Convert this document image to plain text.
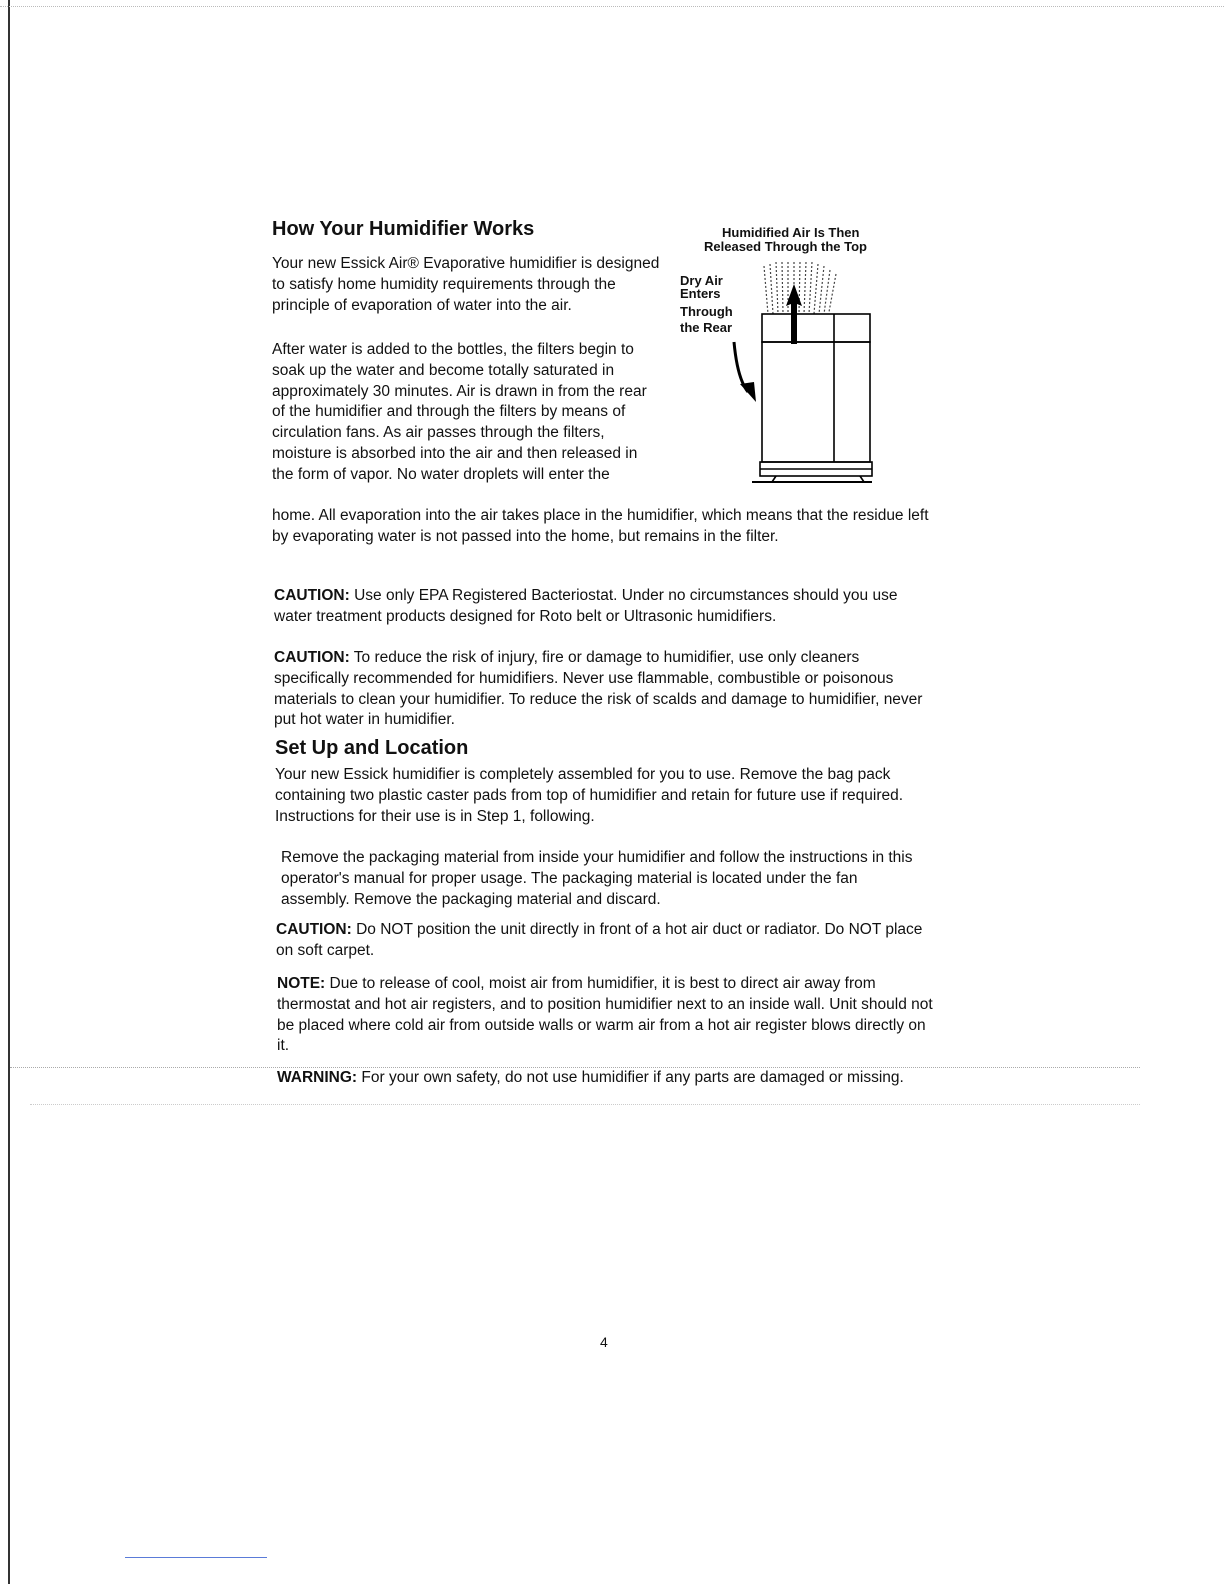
How Your Humidifier Works
Your new Essick Air® Evaporative humidifier is designed to satisfy home humidity requirements through the principle of evaporation of water into the air.
After water is added to the bottles, the filters begin to soak up the water and become totally saturated in approximately 30 minutes. Air is drawn in from the rear of the humidifier and through the filters by means of circulation fans. As air passes through the filters, moisture is absorbed into the air and then released in the form of vapor. No water droplets will enter the
home. All evaporation into the air takes place in the humidifier, which means that the residue left by evaporating water is not passed into the home, but remains in the filter.
Humidified Air Is Then
Released Through the Top
Dry Air
Enters
Through
the Rear
CAUTION: Use only EPA Registered Bacteriostat. Under no circumstances should you use water treatment products designed for Roto belt or Ultrasonic humidifiers.
CAUTION: To reduce the risk of injury, fire or damage to humidifier, use only cleaners specifically recommended for humidifiers. Never use flammable, combustible or poisonous materials to clean your humidifier. To reduce the risk of scalds and damage to humidifier, never put hot water in humidifier.
Set Up and Location
Your new Essick humidifier is completely assembled for you to use. Remove the bag pack containing two plastic caster pads from top of humidifier and retain for future use if required. Instructions for their use is in Step 1, following.
Remove the packaging material from inside your humidifier and follow the instructions in this operator's manual for proper usage. The packaging material is located under the fan assembly. Remove the packaging material and discard.
CAUTION: Do NOT position the unit directly in front of a hot air duct or radiator. Do NOT place on soft carpet.
NOTE: Due to release of cool, moist air from humidifier, it is best to direct air away from thermostat and hot air registers, and to position humidifier next to an inside wall. Unit should not be placed where cold air from outside walls or warm air from a hot air register blows directly on it.
WARNING: For your own safety, do not use humidifier if any parts are damaged or missing.
4
